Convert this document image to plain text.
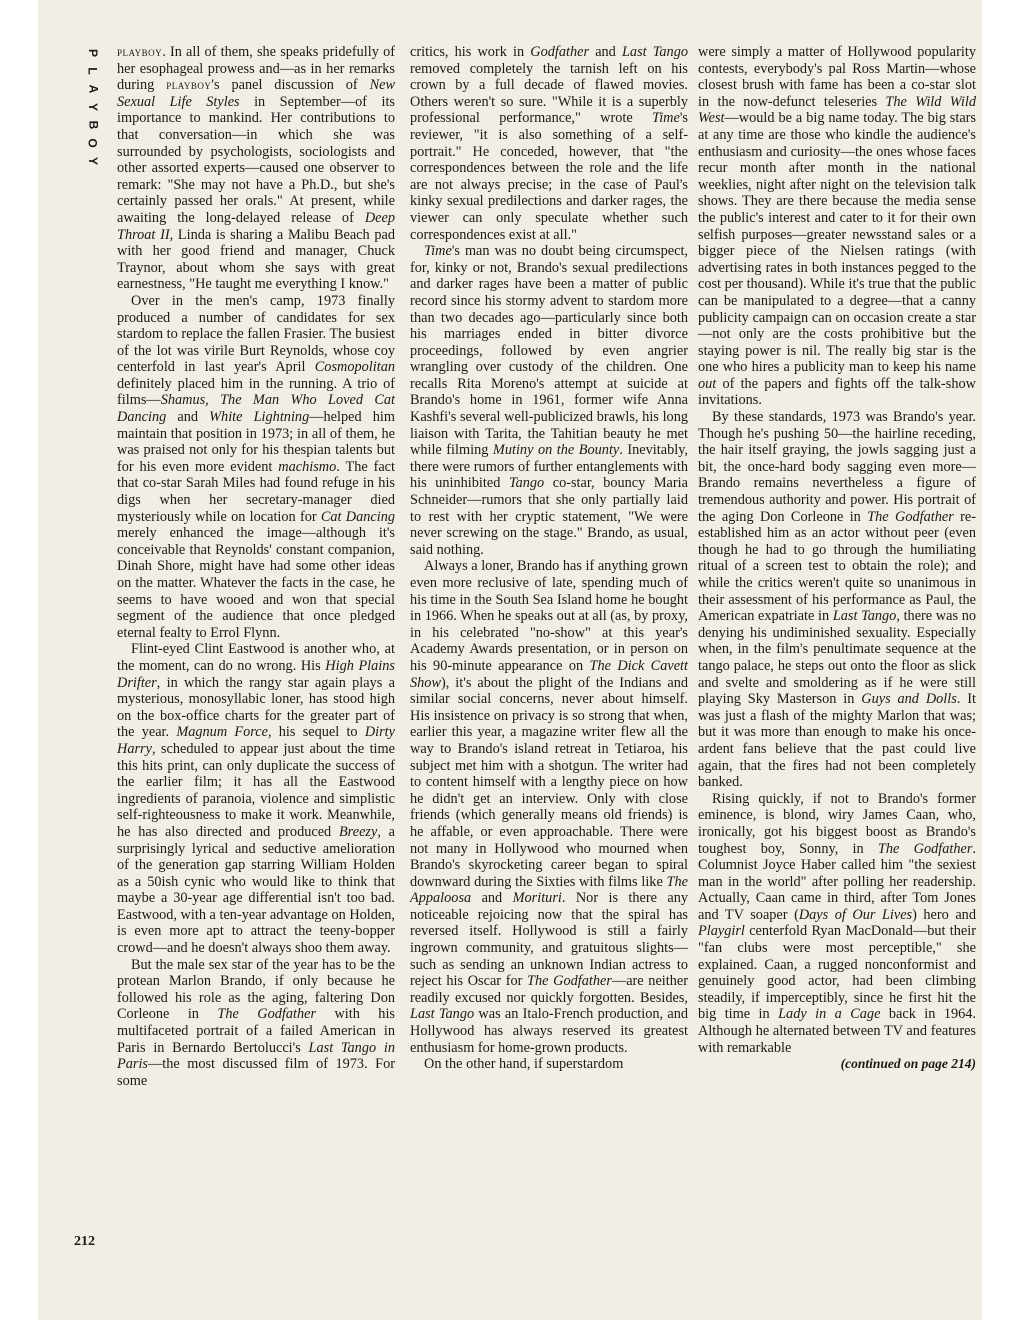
P
L
A
Y
B
O
Y

playboy. In all of them, she speaks pridefully of her esophageal prowess and—as in her remarks during playboy's panel discussion of New Sexual Life Styles in September—of its importance to mankind. Her contributions to that conversation—in which she was surrounded by psychologists, sociologists and other assorted experts—caused one observer to remark: "She may not have a Ph.D., but she's certainly passed her orals." At present, while awaiting the long-delayed release of Deep Throat II, Linda is sharing a Malibu Beach pad with her good friend and manager, Chuck Traynor, about whom she says with great earnestness, "He taught me everything I know."

Over in the men's camp, 1973 finally produced a number of candidates for sex stardom to replace the fallen Frasier. The busiest of the lot was virile Burt Reynolds, whose coy centerfold in last year's April Cosmopolitan definitely placed him in the running. A trio of films—Shamus, The Man Who Loved Cat Dancing and White Lightning—helped him maintain that position in 1973; in all of them, he was praised not only for his thespian talents but for his even more evident machismo. The fact that co-star Sarah Miles had found refuge in his digs when her secretary-manager died mysteriously while on location for Cat Dancing merely enhanced the image—although it's conceivable that Reynolds' constant companion, Dinah Shore, might have had some other ideas on the matter. Whatever the facts in the case, he seems to have wooed and won that special segment of the audience that once pledged eternal fealty to Errol Flynn.

Flint-eyed Clint Eastwood is another who, at the moment, can do no wrong. His High Plains Drifter, in which the rangy star again plays a mysterious, monosyllabic loner, has stood high on the box-office charts for the greater part of the year. Magnum Force, his sequel to Dirty Harry, scheduled to appear just about the time this hits print, can only duplicate the success of the earlier film; it has all the Eastwood ingredients of paranoia, violence and simplistic self-righteousness to make it work. Meanwhile, he has also directed and produced Breezy, a surprisingly lyrical and seductive amelioration of the generation gap starring William Holden as a 50ish cynic who would like to think that maybe a 30-year age differential isn't too bad. Eastwood, with a ten-year advantage on Holden, is even more apt to attract the teeny-bopper crowd—and he doesn't always shoo them away.

But the male sex star of the year has to be the protean Marlon Brando, if only because he followed his role as the aging, faltering Don Corleone in The Godfather with his multifaceted portrait of a failed American in Paris in Bernardo Bertolucci's Last Tango in Paris—the most discussed film of 1973. For some

critics, his work in Godfather and Last Tango removed completely the tarnish left on his crown by a full decade of flawed movies. Others weren't so sure. "While it is a superbly professional performance," wrote Time's reviewer, "it is also something of a self-portrait." He conceded, however, that "the correspondences between the role and the life are not always precise; in the case of Paul's kinky sexual predilections and darker rages, the viewer can only speculate whether such correspondences exist at all."

Time's man was no doubt being circumspect, for, kinky or not, Brando's sexual predilections and darker rages have been a matter of public record since his stormy advent to stardom more than two decades ago—particularly since both his marriages ended in bitter divorce proceedings, followed by even angrier wrangling over custody of the children. One recalls Rita Moreno's attempt at suicide at Brando's home in 1961, former wife Anna Kashfi's several well-publicized brawls, his long liaison with Tarita, the Tahitian beauty he met while filming Mutiny on the Bounty. Inevitably, there were rumors of further entanglements with his uninhibited Tango co-star, bouncy Maria Schneider—rumors that she only partially laid to rest with her cryptic statement, "We were never screwing on the stage." Brando, as usual, said nothing.

Always a loner, Brando has if anything grown even more reclusive of late, spending much of his time in the South Sea Island home he bought in 1966. When he speaks out at all (as, by proxy, in his celebrated "no-show" at this year's Academy Awards presentation, or in person on his 90-minute appearance on The Dick Cavett Show), it's about the plight of the Indians and similar social concerns, never about himself. His insistence on privacy is so strong that when, earlier this year, a magazine writer flew all the way to Brando's island retreat in Tetiaroa, his subject met him with a shotgun. The writer had to content himself with a lengthy piece on how he didn't get an interview. Only with close friends (which generally means old friends) is he affable, or even approachable. There were not many in Hollywood who mourned when Brando's skyrocketing career began to spiral downward during the Sixties with films like The Appaloosa and Morituri. Nor is there any noticeable rejoicing now that the spiral has reversed itself. Hollywood is still a fairly ingrown community, and gratuitous slights—such as sending an unknown Indian actress to reject his Oscar for The Godfather—are neither readily excused nor quickly forgotten. Besides, Last Tango was an Italo-French production, and Hollywood has always reserved its greatest enthusiasm for home-grown products.

On the other hand, if superstardom

were simply a matter of Hollywood popularity contests, everybody's pal Ross Martin—whose closest brush with fame has been a co-star slot in the now-defunct teleseries The Wild Wild West—would be a big name today. The big stars at any time are those who kindle the audience's enthusiasm and curiosity—the ones whose faces recur month after month in the national weeklies, night after night on the television talk shows. They are there because the media sense the public's interest and cater to it for their own selfish purposes—greater newsstand sales or a bigger piece of the Nielsen ratings (with advertising rates in both instances pegged to the cost per thousand). While it's true that the public can be manipulated to a degree—that a canny publicity campaign can on occasion create a star—not only are the costs prohibitive but the staying power is nil. The really big star is the one who hires a publicity man to keep his name out of the papers and fights off the talk-show invitations.

By these standards, 1973 was Brando's year. Though he's pushing 50—the hairline receding, the hair itself graying, the jowls sagging just a bit, the once-hard body sagging even more—Brando remains nevertheless a figure of tremendous authority and power. His portrait of the aging Don Corleone in The Godfather re-established him as an actor without peer (even though he had to go through the humiliating ritual of a screen test to obtain the role); and while the critics weren't quite so unanimous in their assessment of his performance as Paul, the American expatriate in Last Tango, there was no denying his undiminished sexuality. Especially when, in the film's penultimate sequence at the tango palace, he steps out onto the floor as slick and svelte and smoldering as if he were still playing Sky Masterson in Guys and Dolls. It was just a flash of the mighty Marlon that was; but it was more than enough to make his once-ardent fans believe that the past could live again, that the fires had not been completely banked.

Rising quickly, if not to Brando's former eminence, is blond, wiry James Caan, who, ironically, got his biggest boost as Brando's toughest boy, Sonny, in The Godfather. Columnist Joyce Haber called him "the sexiest man in the world" after polling her readership. Actually, Caan came in third, after Tom Jones and TV soaper (Days of Our Lives) hero and Playgirl centerfold Ryan MacDonald—but their "fan clubs were most perceptible," she explained. Caan, a rugged nonconformist and genuinely good actor, had been climbing steadily, if imperceptibly, since he first hit the big time in Lady in a Cage back in 1964. Although he alternated between TV and features with remarkable

(continued on page 214)

212
